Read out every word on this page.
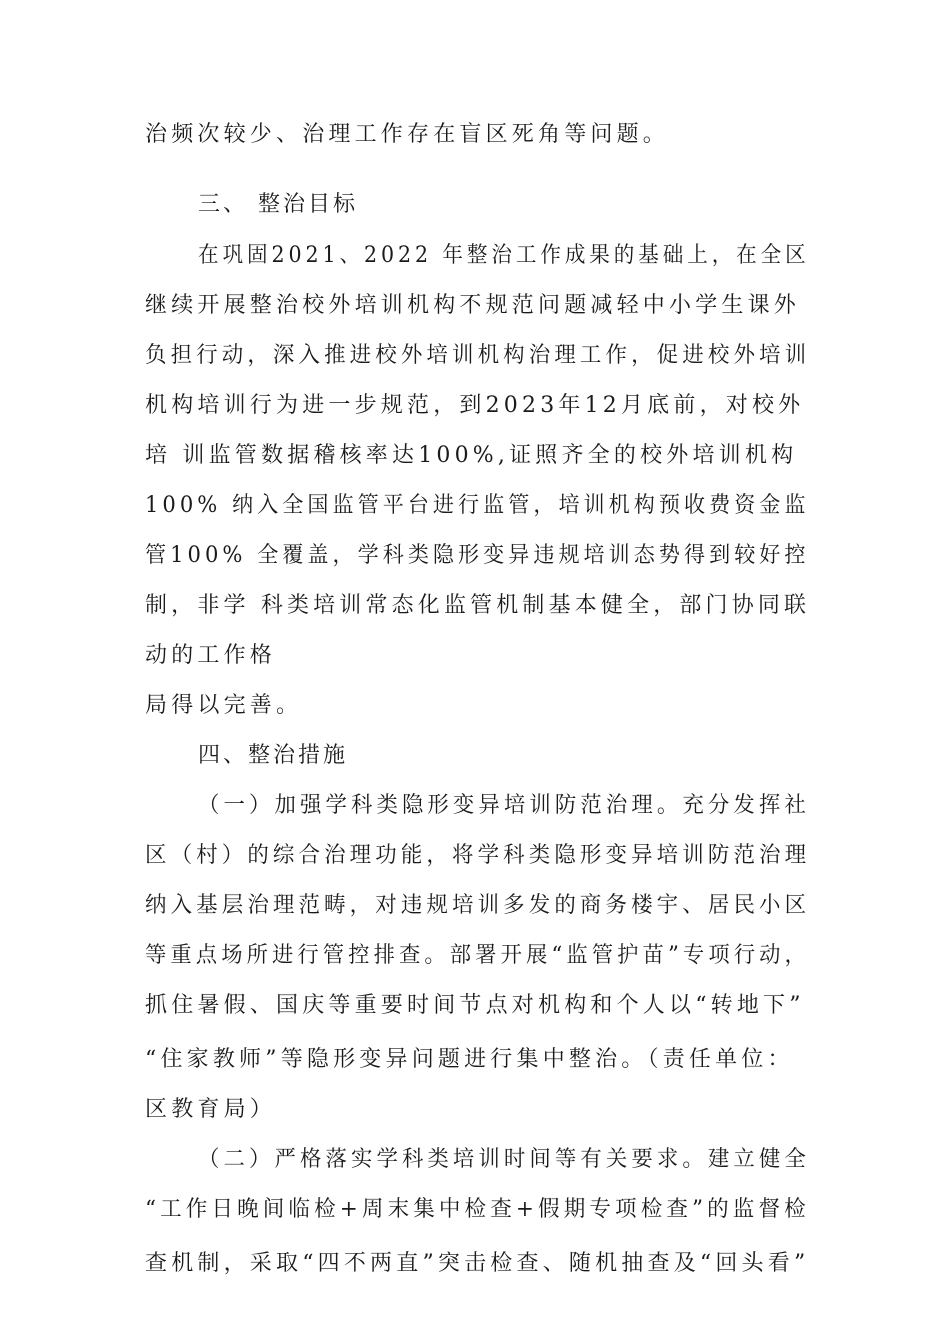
治频次较少、治理工作存在盲区死角等问题。
三、 整治目标
在巩固2021、2022 年整治工作成果的基础上，在全区
继续开展整治校外培训机构不规范问题减轻中小学生课外
负担行动，深入推进校外培训机构治理工作，促进校外培训
机构培训行为进一步规范，到2023年12月底前，对校外
培 训监管数据稽核率达100%,证照齐全的校外培训机构
100% 纳入全国监管平台进行监管，培训机构预收费资金监
管100% 全覆盖，学科类隐形变异违规培训态势得到较好控
制，非学 科类培训常态化监管机制基本健全，部门协同联
动的工作格
局得以完善。
四、整治措施
（一）加强学科类隐形变异培训防范治理。充分发挥社
区（村）的综合治理功能，将学科类隐形变异培训防范治理
纳入基层治理范畴，对违规培训多发的商务楼宇、居民小区
等重点场所进行管控排查。部署开展“监管护苗”专项行动，
抓住暑假、国庆等重要时间节点对机构和个人以“转地下”
“住家教师”等隐形变异问题进行集中整治。（责任单位：
区教育局）
（二）严格落实学科类培训时间等有关要求。建立健全
“工作日晚间临检+周末集中检查+假期专项检查”的监督检
查机制，采取“四不两直”突击检查、随机抽查及“回头看”
